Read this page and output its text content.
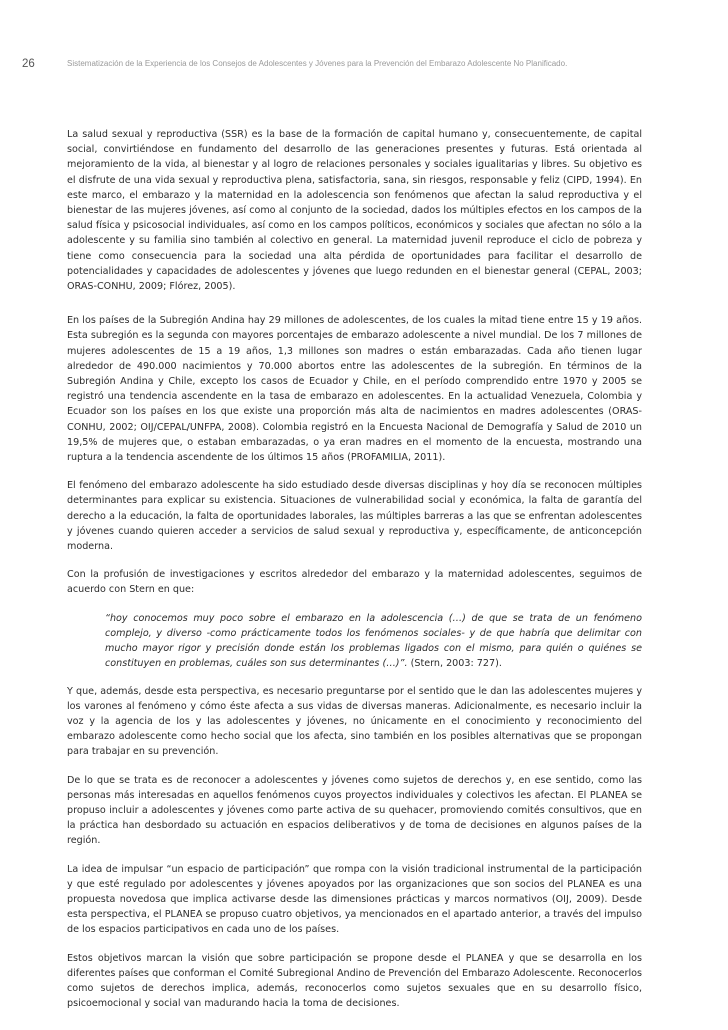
26	Sistematización de la Experiencia de los Consejos de Adolescentes y Jóvenes para la Prevención del Embarazo Adolescente No Planificado.

La salud sexual y reproductiva (SSR) es la base de la formación de capital humano y, consecuentemente, de capital social, convirtiéndose en fundamento del desarrollo de las generaciones presentes y futuras. Está orientada al mejoramiento de la vida, al bienestar y al logro de relaciones personales y sociales igualitarias y libres. Su objetivo es el disfrute de una vida sexual y reproductiva plena, satisfactoria, sana, sin riesgos, responsable y feliz (CIPD, 1994). En este marco, el embarazo y la maternidad en la adolescencia son fenómenos que afectan la salud reproductiva y el bienestar de las mujeres jóvenes, así como al conjunto de la sociedad, dados los múltiples efectos en los campos de la salud física y psicosocial individuales, así como en los campos políticos, económicos y sociales que afectan no sólo a la adolescente y su familia sino también al colectivo en general. La maternidad juvenil reproduce el ciclo de pobreza y tiene como consecuencia para la sociedad una alta pérdida de oportunidades para facilitar el desarrollo de potencialidades y capacidades de adolescentes y jóvenes que luego redunden en el bienestar general (CEPAL, 2003; ORAS-CONHU, 2009; Flórez, 2005).

En los países de la Subregión Andina hay 29 millones de adolescentes, de los cuales la mitad tiene entre 15 y 19 años. Esta subregión es la segunda con mayores porcentajes de embarazo adolescente a nivel mundial. De los 7 millones de mujeres adolescentes de 15 a 19 años, 1,3 millones son madres o están embarazadas. Cada año tienen lugar alrededor de 490.000 nacimientos y 70.000 abortos entre las adolescentes de la subregión. En términos de la Subregión Andina y Chile, excepto los casos de Ecuador y Chile, en el período comprendido entre 1970 y 2005 se registró una tendencia ascendente en la tasa de embarazo en adolescentes. En la actualidad Venezuela, Colombia y Ecuador son los países en los que existe una proporción más alta de nacimientos en madres adolescentes (ORAS-CONHU, 2002; OIJ/CEPAL/UNFPA, 2008). Colombia registró en la Encuesta Nacional de Demografía y Salud de 2010 un 19,5% de mujeres que, o estaban embarazadas, o ya eran madres en el momento de la encuesta, mostrando una ruptura a la tendencia ascendente de los últimos 15 años (PROFAMILIA, 2011).

El fenómeno del embarazo adolescente ha sido estudiado desde diversas disciplinas y hoy día se reconocen múltiples determinantes para explicar su existencia. Situaciones de vulnerabilidad social y económica, la falta de garantía del derecho a la educación, la falta de oportunidades laborales, las múltiples barreras a las que se enfrentan adolescentes y jóvenes cuando quieren acceder a servicios de salud sexual y reproductiva y, específicamente, de anticoncepción moderna.

Con la profusión de investigaciones y escritos alrededor del embarazo y la maternidad adolescentes, seguimos de acuerdo con Stern en que:

“hoy conocemos muy poco sobre el embarazo en la adolescencia (…) de que se trata de un fenómeno complejo, y diverso -como prácticamente todos los fenómenos sociales- y de que habría que delimitar con mucho mayor rigor y precisión donde están los problemas ligados con el mismo, para quién o quiénes se constituyen en problemas, cuáles son sus determinantes (…)”. (Stern, 2003: 727).

Y que, además, desde esta perspectiva, es necesario preguntarse por el sentido que le dan las adolescentes mujeres y los varones al fenómeno y cómo éste afecta a sus vidas de diversas maneras. Adicionalmente, es necesario incluir la voz y la agencia de los y las adolescentes y jóvenes, no únicamente en el conocimiento y reconocimiento del embarazo adolescente como hecho social que los afecta, sino también en los posibles alternativas que se propongan para trabajar en su prevención.

De lo que se trata es de reconocer a adolescentes y jóvenes como sujetos de derechos y, en ese sentido, como las personas más interesadas en aquellos fenómenos cuyos proyectos individuales y colectivos les afectan. El PLANEA se propuso incluir a adolescentes y jóvenes como parte activa de su quehacer, promoviendo comités consultivos, que en la práctica han desbordado su actuación en espacios deliberativos y de toma de decisiones en algunos países de la región.

La idea de impulsar “un espacio de participación” que rompa con la visión tradicional instrumental de la participación y que esté regulado por adolescentes y jóvenes apoyados por las organizaciones que son socios del PLANEA es una propuesta novedosa que implica activarse desde las dimensiones prácticas y marcos normativos (OIJ, 2009). Desde esta perspectiva, el PLANEA se propuso cuatro objetivos, ya mencionados en el apartado anterior, a través del impulso de los espacios participativos en cada uno de los países.

Estos objetivos marcan la visión que sobre participación se propone desde el PLANEA y que se desarrolla en los diferentes países que conforman el Comité Subregional Andino de Prevención del Embarazo Adolescente. Reconocerlos como sujetos de derechos implica, además, reconocerlos como sujetos sexuales que en su desarrollo físico, psicoemocional y social van madurando hacia la toma de decisiones.
